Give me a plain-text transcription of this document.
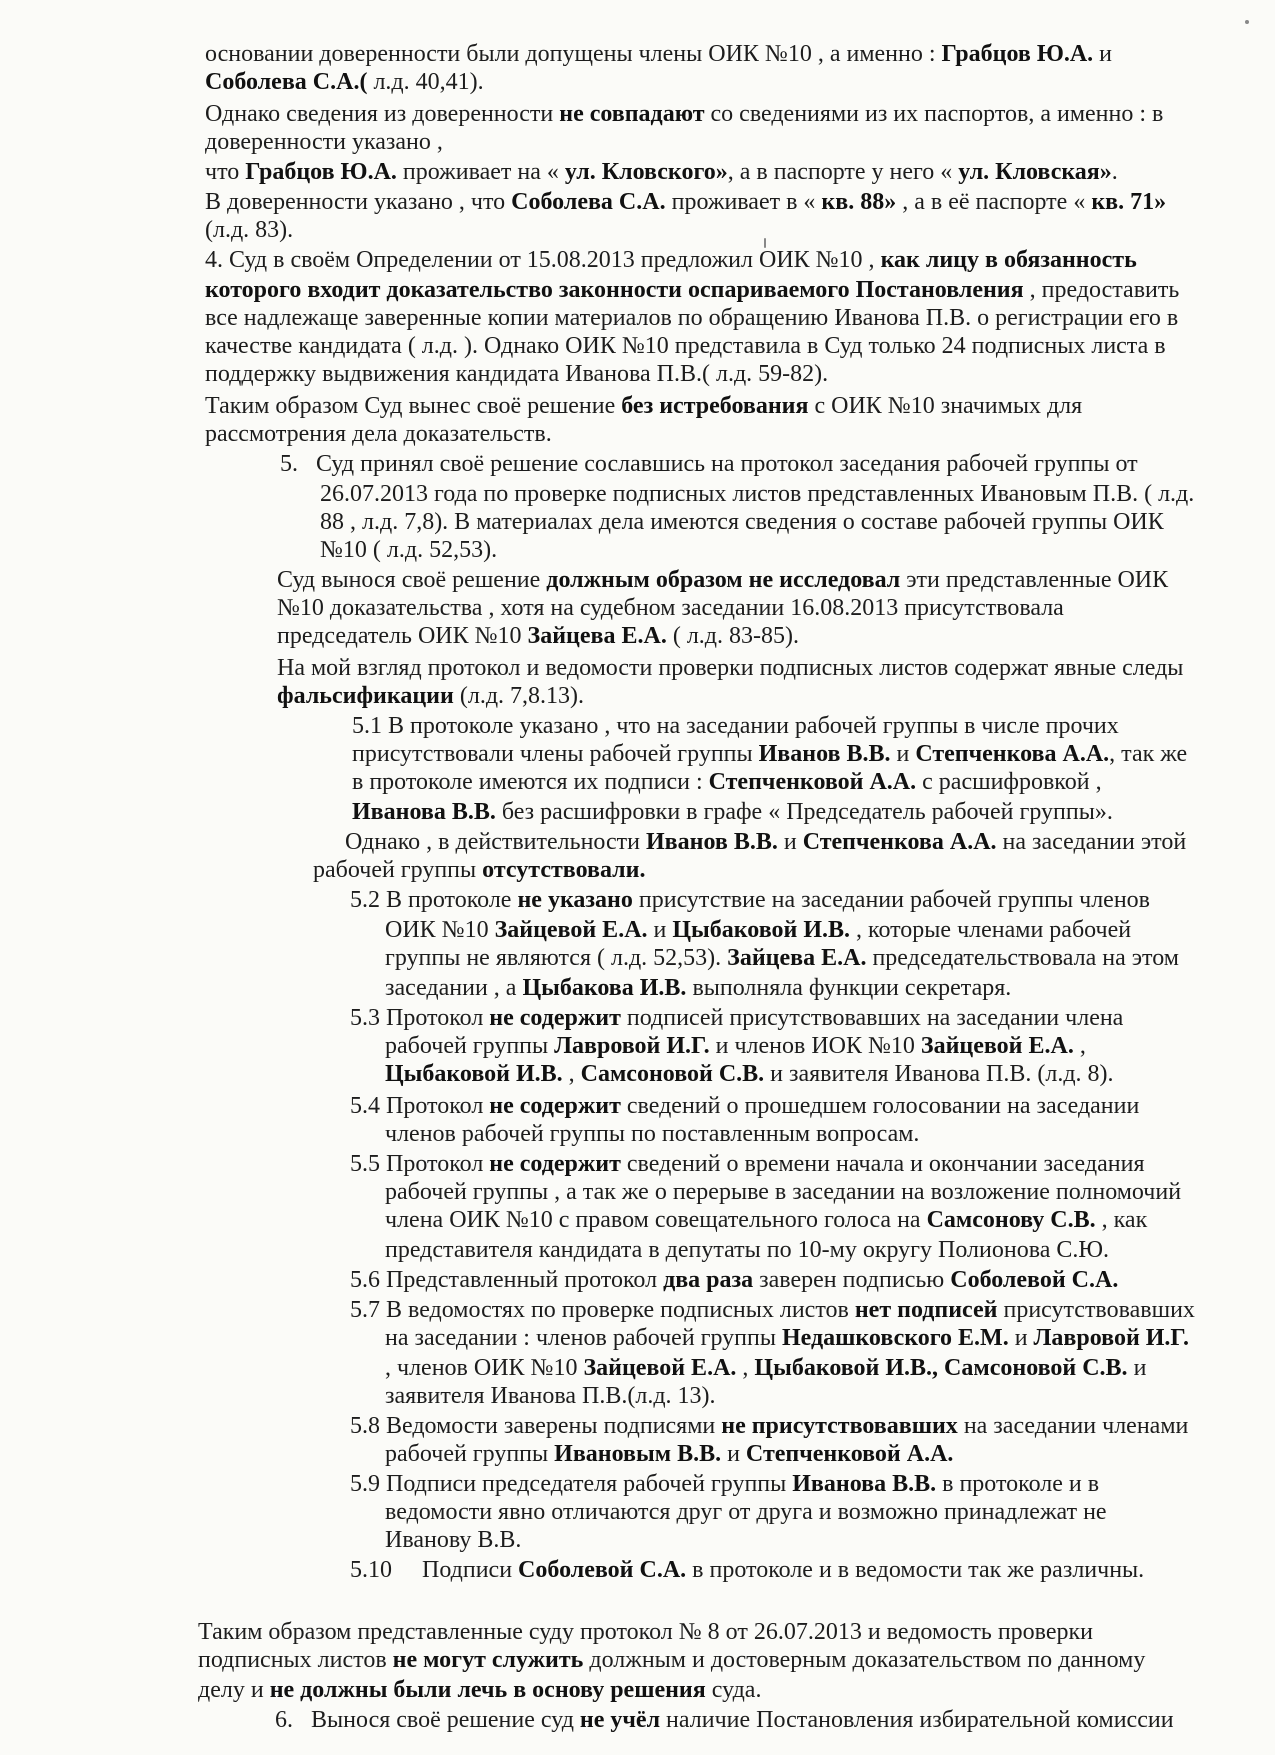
основании доверенности были допущены члены ОИК №10 , а именно : Грабцов Ю.А. и
Соболева С.А.( л.д. 40,41).
Однако сведения из доверенности не совпадают со сведениями из их паспортов, а именно : в
доверенности указано ,
что Грабцов Ю.А. проживает на « ул. Кловского», а в паспорте у него « ул. Кловская».
В доверенности указано , что Соболева С.А. проживает в « кв. 88» , а в её паспорте « кв. 71»
(л.д. 83).
4. Суд в своём Определении от 15.08.2013 предложил ОИК №10 , как лицу в обязанность
которого входит доказательство законности оспариваемого Постановления , предоставить
все надлежаще заверенные копии материалов по обращению Иванова П.В. о регистрации его в
качестве кандидата ( л.д. ). Однако ОИК №10 представила в Суд только 24 подписных листа в
поддержку выдвижения кандидата Иванова П.В.( л.д. 59-82).
Таким образом Суд вынес своё решение без истребования с ОИК №10 значимых для
рассмотрения дела доказательств.
5.   Суд принял своё решение сославшись на протокол заседания рабочей группы от
26.07.2013 года по проверке подписных листов представленных Ивановым П.В. ( л.д.
88 , л.д. 7,8). В материалах дела имеются сведения о составе рабочей группы ОИК
№10 ( л.д. 52,53).
Суд вынося своё решение должным образом не исследовал эти представленные ОИК
№10 доказательства , хотя на судебном заседании 16.08.2013 присутствовала
председатель ОИК №10 Зайцева Е.А. ( л.д. 83-85).
На мой взгляд протокол и ведомости проверки подписных листов содержат явные следы
фальсификации (л.д. 7,8.13).
5.1 В протоколе указано , что на заседании рабочей группы в числе прочих
присутствовали члены рабочей группы Иванов В.В. и Степченкова А.А., так же
в протоколе имеются их подписи : Степченковой А.А. с расшифровкой ,
Иванова В.В. без расшифровки в графе « Председатель рабочей группы».
Однако , в действительности Иванов В.В. и Степченкова А.А. на заседании этой
рабочей группы отсутствовали.
5.2 В протоколе не указано присутствие на заседании рабочей группы членов
ОИК №10 Зайцевой Е.А. и Цыбаковой И.В. , которые членами рабочей
группы не являются ( л.д. 52,53). Зайцева Е.А. председательствовала на этом
заседании , а Цыбакова И.В. выполняла функции секретаря.
5.3 Протокол не содержит подписей присутствовавших на заседании члена
рабочей группы Лавровой И.Г. и членов ИОК №10 Зайцевой Е.А. ,
Цыбаковой И.В. , Самсоновой С.В. и заявителя Иванова П.В. (л.д. 8).
5.4 Протокол не содержит сведений о прошедшем голосовании на заседании
членов рабочей группы по поставленным вопросам.
5.5 Протокол не содержит сведений о времени начала и окончании заседания
рабочей группы , а так же о перерыве в заседании на возложение полномочий
члена ОИК №10 с правом совещательного голоса на Самсонову С.В. , как
представителя кандидата в депутаты по 10-му округу Полионова С.Ю.
5.6 Представленный протокол два раза заверен подписью Соболевой С.А.
5.7 В ведомостях по проверке подписных листов нет подписей присутствовавших
на заседании : членов рабочей группы Недашковского Е.М. и Лавровой И.Г.
, членов ОИК №10 Зайцевой Е.А. , Цыбаковой И.В., Самсоновой С.В. и
заявителя Иванова П.В.(л.д. 13).
5.8 Ведомости заверены подписями не присутствовавших на заседании членами
рабочей группы Ивановым В.В. и Степченковой А.А.
5.9 Подписи председателя рабочей группы Иванова В.В. в протоколе и в
ведомости явно отличаются друг от друга и возможно принадлежат не
Иванову В.В.
5.10     Подписи Соболевой С.А. в протоколе и в ведомости так же различны.
Таким образом представленные суду протокол № 8 от 26.07.2013 и ведомость проверки
подписных листов не могут служить должным и достоверным доказательством по данному
делу и не должны были лечь в основу решения суда.
6.   Вынося своё решение суд не учёл наличие Постановления избирательной комиссии
